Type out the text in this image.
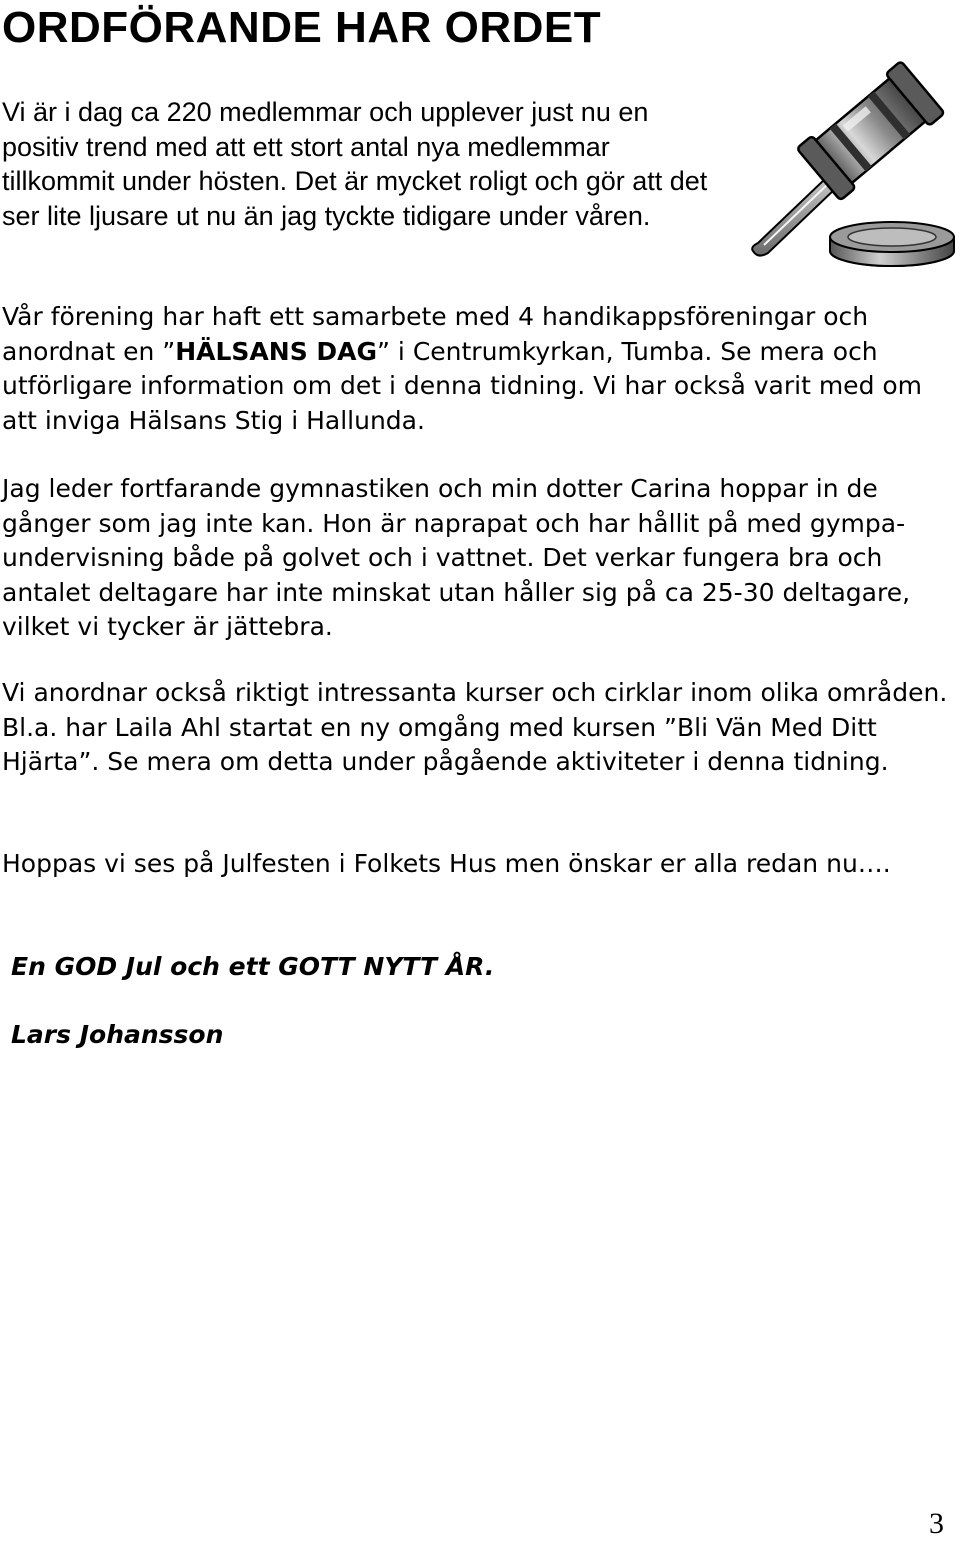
ORDFÖRANDE HAR ORDET

Vi är i dag ca 220 medlemmar och upplever just nu en positiv trend med att ett stort antal nya medlemmar tillkommit under hösten. Det är mycket roligt och gör att det ser lite ljusare ut nu än jag tyckte tidigare under våren.

Vår förening har haft ett samarbete med 4 handikappsföreningar och anordnat en ”HÄLSANS DAG” i Centrumkyrkan, Tumba. Se mera och utförligare information om det i denna tidning. Vi har också varit med om att inviga Hälsans Stig i Hallunda.

Jag leder fortfarande gymnastiken och min dotter Carina hoppar in de gånger som jag inte kan. Hon är naprapat och har hållit på med gympa-undervisning både på golvet och i vattnet. Det verkar fungera bra och antalet deltagare har inte minskat utan håller sig på ca 25-30 deltagare, vilket vi tycker är jättebra.

Vi anordnar också riktigt intressanta kurser och cirklar inom olika områden. Bl.a. har Laila Ahl startat en ny omgång med kursen ”Bli Vän Med Ditt Hjärta”. Se mera om detta under pågående aktiviteter i denna tidning.

Hoppas vi ses på Julfesten i Folkets Hus men önskar er alla redan nu….

En GOD Jul och ett GOTT NYTT ÅR.

Lars Johansson

3
